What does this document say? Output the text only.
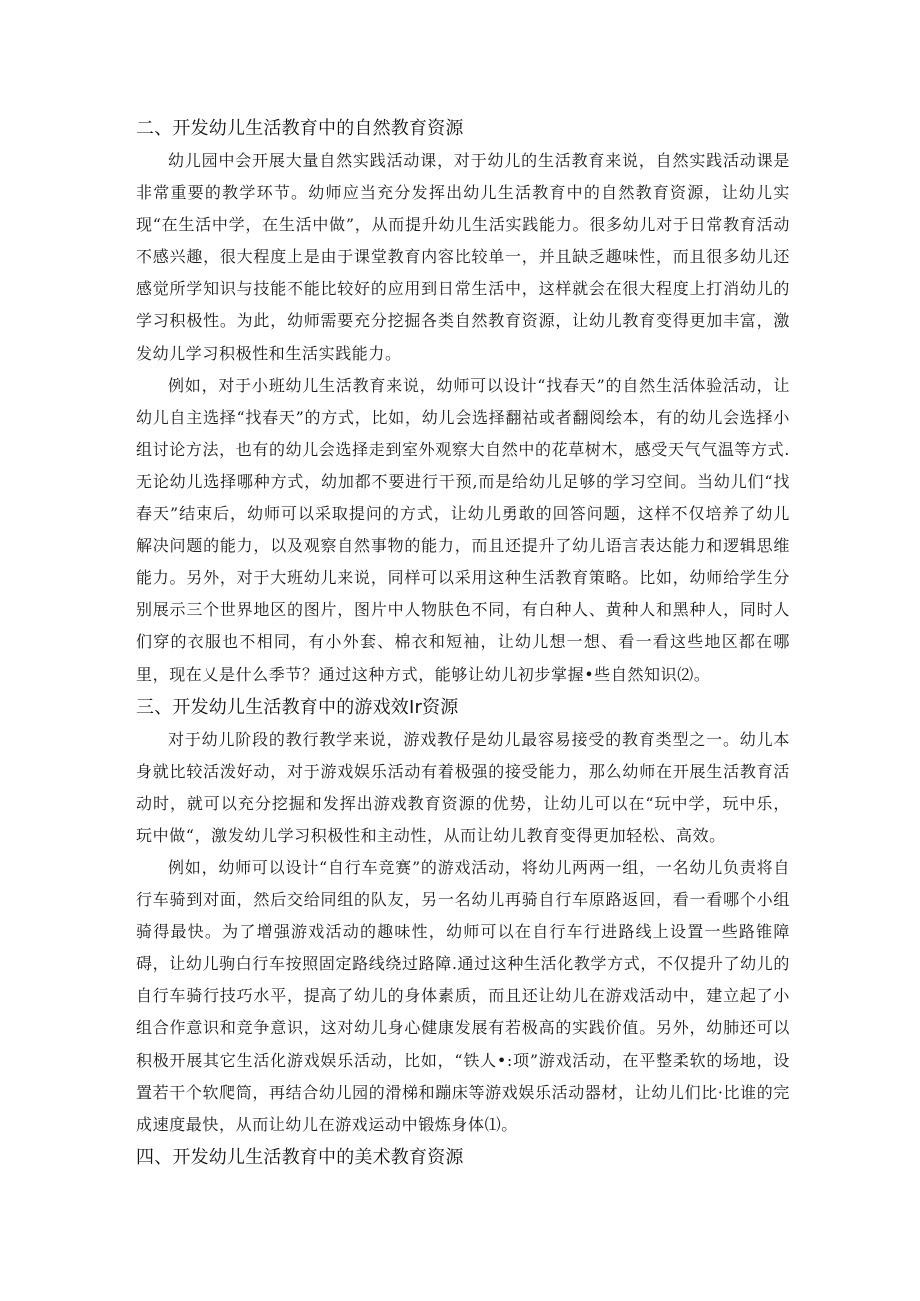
二、开发幼儿生活教育中的自然教育资源

幼儿园中会开展大量自然实践活动课，对于幼儿的生活教育来说，自然实践活动课是非常重要的教学环节。幼师应当充分发挥出幼儿生活教育中的自然教育资源，让幼儿实现“在生活中学，在生活中做”，从而提升幼儿生活实践能力。很多幼儿对于日常教育活动不感兴趣，很大程度上是由于课堂教育内容比较单一，并且缺乏趣味性，而且很多幼儿还感觉所学知识与技能不能比较好的应用到日常生活中，这样就会在很大程度上打消幼儿的学习积极性。为此，幼师需要充分挖掘各类自然教育资源，让幼儿教育变得更加丰富，激发幼儿学习积极性和生活实践能力。

例如，对于小班幼儿生活教育来说，幼师可以设计“找春天”的自然生活体验活动，让幼儿自主选择“找春天”的方式，比如，幼儿会选择翻祜或者翻阅绘本，有的幼儿会选择小组讨论方法，也有的幼儿会选择走到室外观察大自然中的花草树木，感受天气气温等方式.无论幼儿选择哪种方式，幼加都不要进行干预,而是给幼儿足够的学习空间。当幼儿们“找春天”结束后，幼师可以采取提问的方式，让幼儿勇敢的回答问题，这样不仅培养了幼儿解决问题的能力，以及观察自然事物的能力，而且还提升了幼儿语言表达能力和逻辑思维能力。另外，对于大班幼儿来说，同样可以采用这种生活教育策略。比如，幼师给学生分别展示三个世界地区的图片，图片中人物肤色不同，有白种人、黄种人和黑种人，同时人们穿的衣服也不相同，有小外套、棉衣和短袖，让幼儿想一想、看一看这些地区都在哪里，现在乂是什么季节？通过这种方式，能够让幼儿初步掌握•些自然知识⑵。

三、开发幼儿生活教育中的游戏效Ir资源

对于幼儿阶段的教行教学来说，游戏教仔是幼儿最容易接受的教育类型之一。幼儿本身就比较活泼好动，对于游戏娱乐活动有着极强的接受能力，那么幼师在开展生活教育活动时，就可以充分挖掘和发挥出游戏教育资源的优势，让幼儿可以在“玩中学，玩中乐，玩中做“，激发幼儿学习积极性和主动性，从而让幼儿教育变得更加轻松、高效。

例如，幼师可以设计“自行车竞赛”的游戏活动，将幼儿两两一组，一名幼儿负责将自行车骑到对面，然后交给同组的队友，另一名幼儿再骑自行车原路返回，看一看哪个小组骑得最快。为了增强游戏活动的趣味性，幼师可以在自行车行进路线上设置一些路锥障碍，让幼儿驹白行车按照固定路线绕过路障.通过这种生活化教学方式，不仅提升了幼儿的自行车骑行技巧水平，提高了幼儿的身体素质，而且还让幼儿在游戏活动中，建立起了小组合作意识和竞争意识，这对幼儿身心健康发展有若极高的实践价值。另外，幼肺还可以积极开展其它生活化游戏娱乐活动，比如，“铁人•:项”游戏活动，在平整柔软的场地，设置若干个软爬筒，再结合幼儿园的滑梯和蹦床等游戏娱乐活动器材，让幼儿们比·比谁的完成速度最快，从而让幼儿在游戏运动中锻炼身体⑴。

四、开发幼儿生活教育中的美术教育资源
